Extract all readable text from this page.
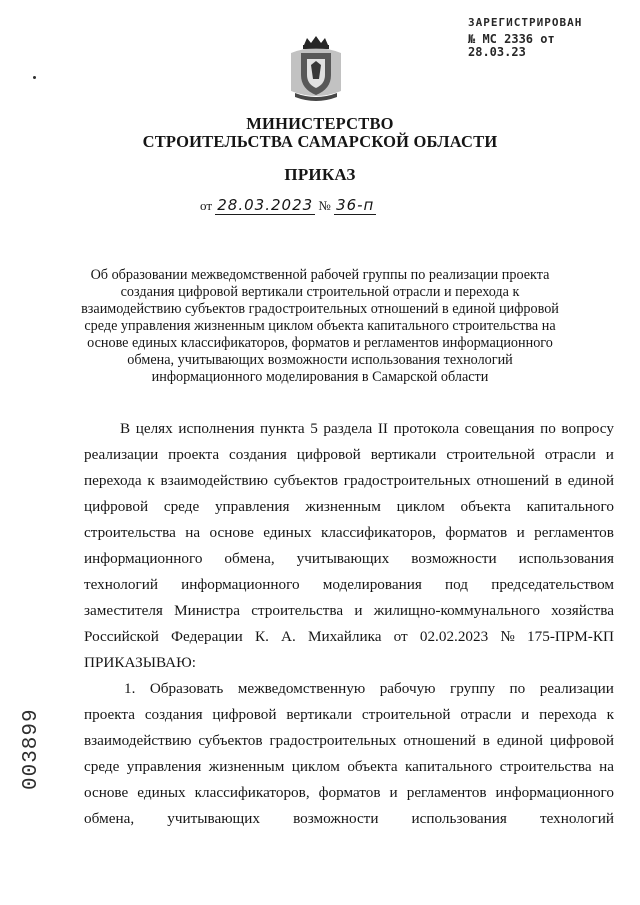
ЗАРЕГИСТРИРОВАН
№ МС 2336 от 28.03.23
МИНИСТЕРСТВО
СТРОИТЕЛЬСТВА САМАРСКОЙ ОБЛАСТИ
ПРИКАЗ
от 28.03.2023 № 36-п
Об образовании межведомственной рабочей группы по реализации проекта
создания цифровой вертикали строительной отрасли и перехода к
взаимодействию субъектов градостроительных отношений в единой цифровой
среде управления жизненным циклом объекта капитального строительства на
основе единых классификаторов, форматов и регламентов информационного
обмена, учитывающих возможности использования технологий
информационного моделирования в Самарской области
В целях исполнения пункта 5 раздела II протокола совещания по вопросу
реализации проекта создания цифровой вертикали строительной отрасли и
перехода к взаимодействию субъектов градостроительных отношений в единой
цифровой среде управления жизненным циклом объекта капитального
строительства на основе единых классификаторов, форматов и регламентов
информационного обмена, учитывающих возможности использования
технологий информационного моделирования под председательством
заместителя Министра строительства и жилищно-коммунального хозяйства
Российской Федерации К. А. Михайлика от 02.02.2023 № 175-ПРМ-КП
ПРИКАЗЫВАЮ:
1. Образовать межведомственную рабочую группу по реализации
проекта создания цифровой вертикали строительной отрасли и перехода к
взаимодействию субъектов градостроительных отношений в единой цифровой
среде управления жизненным циклом объекта капитального строительства на
основе единых классификаторов, форматов и регламентов информационного
обмена, учитывающих возможности использования технологий
003899
